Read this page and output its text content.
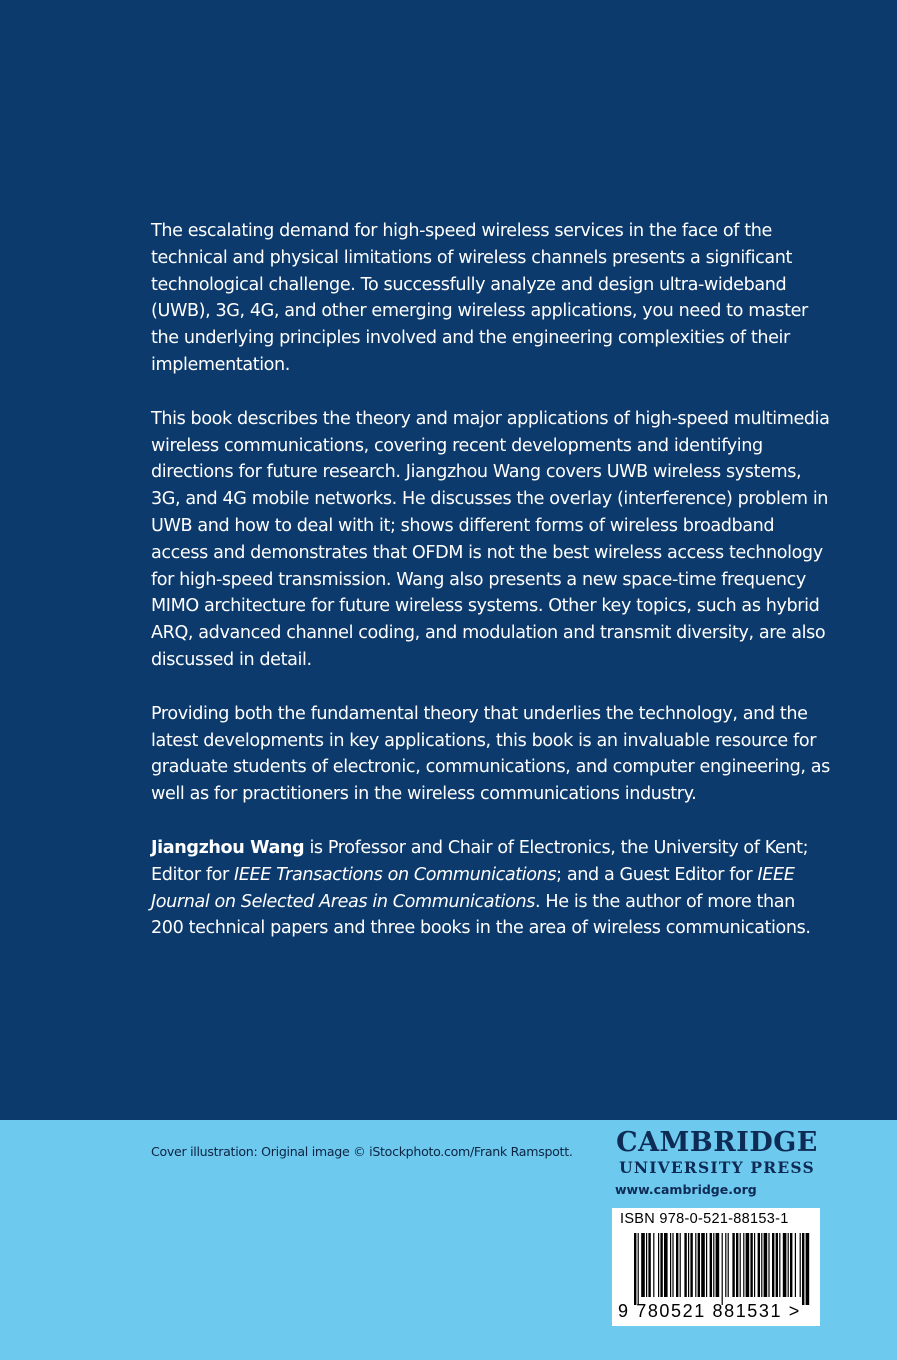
The escalating demand for high-speed wireless services in the face of the technical and physical limitations of wireless channels presents a significant technological challenge. To successfully analyze and design ultra-wideband (UWB), 3G, 4G, and other emerging wireless applications, you need to master the underlying principles involved and the engineering complexities of their implementation.

This book describes the theory and major applications of high-speed multimedia wireless communications, covering recent developments and identifying directions for future research. Jiangzhou Wang covers UWB wireless systems, 3G, and 4G mobile networks. He discusses the overlay (interference) problem in UWB and how to deal with it; shows different forms of wireless broadband access and demonstrates that OFDM is not the best wireless access technology for high-speed transmission. Wang also presents a new space-time frequency MIMO architecture for future wireless systems. Other key topics, such as hybrid ARQ, advanced channel coding, and modulation and transmit diversity, are also discussed in detail.

Providing both the fundamental theory that underlies the technology, and the latest developments in key applications, this book is an invaluable resource for graduate students of electronic, communications, and computer engineering, as well as for practitioners in the wireless communications industry.

Jiangzhou Wang is Professor and Chair of Electronics, the University of Kent; Editor for IEEE Transactions on Communications; and a Guest Editor for IEEE Journal on Selected Areas in Communications. He is the author of more than 200 technical papers and three books in the area of wireless communications.

Cover illustration: Original image © iStockphoto.com/Frank Ramspott. CAMBRIDGE
UNIVERSITY PRESS
www.cambridge.org
ISBN 978-0-521-88153-1
9 780521 881531 >
